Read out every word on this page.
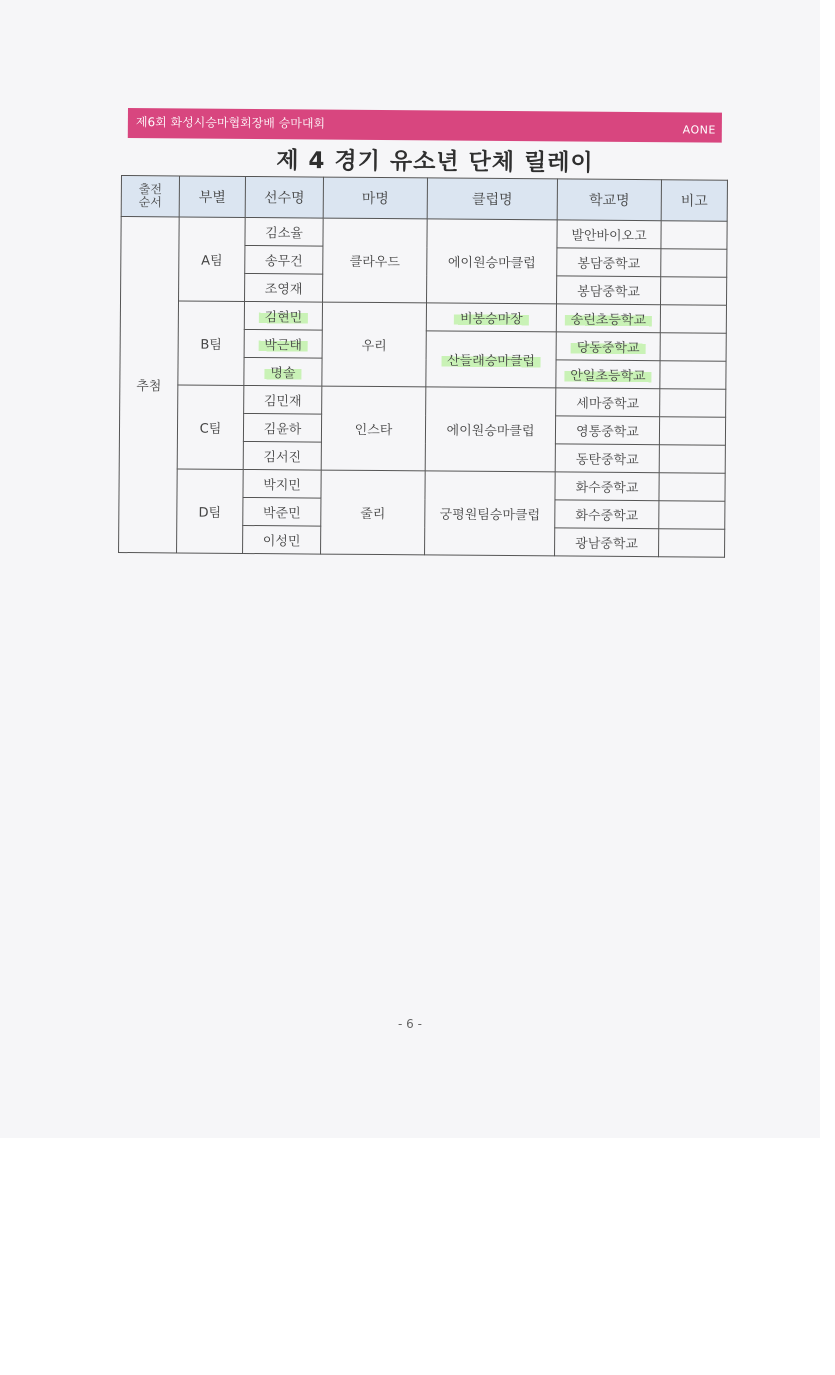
제6회 화성시승마협회장배 승마대회	AONE
제 4 경기 유소년 단체 릴레이
출전
순서	부별	선수명	마명	클럽명	학교명	비고
추첨	A팀	김소율	클라우드	에이원승마클럽	발안바이오고	
		송무건			봉담중학교	
		조영재			봉담중학교	
	B팀	김현민	우리	비봉승마장	송린초등학교	
		박근태		산들래승마클럽	당동중학교	
		명솔			안일초등학교	
	C팀	김민재	인스타	에이원승마클럽	세마중학교	
		김윤하			영통중학교	
		김서진			동탄중학교	
	D팀	박지민	줄리	궁평원팀승마클럽	화수중학교	
		박준민			화수중학교	
		이성민			광남중학교	
- 6 -
